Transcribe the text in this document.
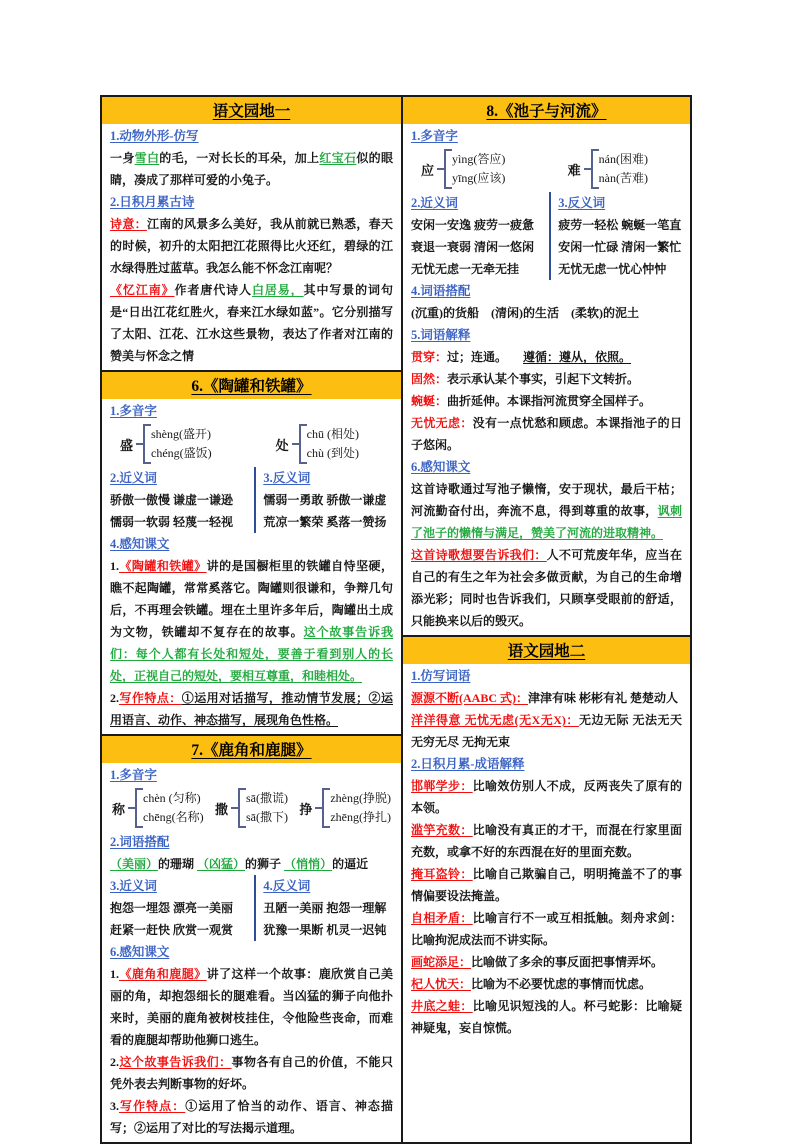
语文园地一

1.动物外形-仿写

一身雪白的毛，一对长长的耳朵，加上红宝石似的眼睛，凑成了那样可爱的小兔子。

2.日积月累古诗

诗意：江南的风景多么美好，我从前就已熟悉，春天的时候，初升的太阳把江花照得比火还红，碧绿的江水绿得胜过蓝草。我怎么能不怀念江南呢？

《忆江南》作者唐代诗人白居易，其中写景的词句是“日出江花红胜火，春来江水绿如蓝”。它分别描写了太阳、江花、江水这些景物，表达了作者对江南的赞美与怀念之情

6.《陶罐和铁罐》

1.多音字

盛
shèng(盛开)
chéng(盛饭)
处
chū (相处)
chù (到处)

2.近义词

骄傲一傲慢 谦虚一谦逊

懦弱一软弱 轻蔑一轻视

3.反义词

懦弱一勇敢 骄傲一谦虚

荒凉一繁荣 奚落一赞扬

4.感知课文

1.《陶罐和铁罐》讲的是国橱柜里的铁罐自恃坚硬，瞧不起陶罐，常常奚落它。陶罐则很谦和，争辩几句后，不再理会铁罐。埋在土里许多年后，陶罐出土成为文物，铁罐却不复存在的故事。这个故事告诉我们：每个人都有长处和短处，要善于看到别人的长处，正视自己的短处，要相互尊重，和睦相处。

2.写作特点：①运用对话描写，推动情节发展；②运用语言、动作、神态描写，展现角色性格。

7.《鹿角和鹿腿》

1.多音字

称
chèn (匀称)
chēng(名称)
撒
sā(撒谎)
sā(撒下)
挣
zhèng(挣脱)
zhēng(挣扎)

2.词语搭配

（美丽）的珊瑚 （凶猛）的狮子 （悄悄）的逼近

3.近义词

抱怨一埋怨 漂亮一美丽

赶紧一赶快 欣赏一观赏

4.反义词

丑陋一美丽 抱怨一理解

犹豫一果断 机灵一迟钝

6.感知课文

1.《鹿角和鹿腿》讲了这样一个故事：鹿欣赏自己美丽的角，却抱怨细长的腿难看。当凶猛的狮子向他扑来时，美丽的鹿角被树枝挂住，令他险些丧命，而难看的鹿腿却帮助他狮口逃生。

2.这个故事告诉我们：事物各有自己的价值，不能只凭外表去判断事物的好坏。

3.写作特点：①运用了恰当的动作、语言、神态描写；②运用了对比的写法揭示道理。

8.《池子与河流》

1.多音字

应
yìng(答应)
yīng(应该)
难
nán(困难)
nàn(苦难)

2.近义词

安闲一安逸 疲劳一疲惫

衰退一衰弱 清闲一悠闲

无忧无虑一无牵无挂

3.反义词

疲劳一轻松 蜿蜒一笔直

安闲一忙碌 清闲一繁忙

无忧无虑一忧心忡忡

4.词语搭配

(沉重)的货船　(清闲)的生活　(柔软)的泥土

5.词语解释

贯穿：过；连通。 遵循：遵从，依照。

固然：表示承认某个事实，引起下文转折。

蜿蜒：曲折延伸。本课指河流贯穿全国样子。

无忧无虑：没有一点忧愁和顾虑。本课指池子的日子悠闲。

6.感知课文

这首诗歌通过写池子懒惰，安于现状，最后干枯；河流勤奋付出，奔流不息，得到尊重的故事，讽刺了池子的懒惰与满足，赞美了河流的进取精神。

这首诗歌想要告诉我们：人不可荒废年华，应当在自己的有生之年为社会多做贡献，为自己的生命增添光彩；同时也告诉我们，只顾享受眼前的舒适，只能换来以后的毁灭。

语文园地二

1.仿写词语

源源不断(AABC 式)：津津有味 彬彬有礼 楚楚动人

洋洋得意 无忧无虑(无X无X)：无边无际 无法无天 无穷无尽 无拘无束

2.日积月累-成语解释

邯郸学步：比喻效仿别人不成，反两丧失了原有的本领。

滥竽充数：比喻没有真正的才干，而混在行家里面充数，或拿不好的东西混在好的里面充数。

掩耳盗铃：比喻自己欺骗自己，明明掩盖不了的事情偏要设法掩盖。

自相矛盾：比喻言行不一或互相抵触。刻舟求剑：比喻拘泥成法而不讲实际。

画蛇添足：比喻做了多余的事反面把事情弄坏。

杞人忧天：比喻为不必要忧虑的事情而忧虑。

井底之蛙：比喻见识短浅的人。杯弓蛇影：比喻疑神疑鬼，妄自惊慌。
